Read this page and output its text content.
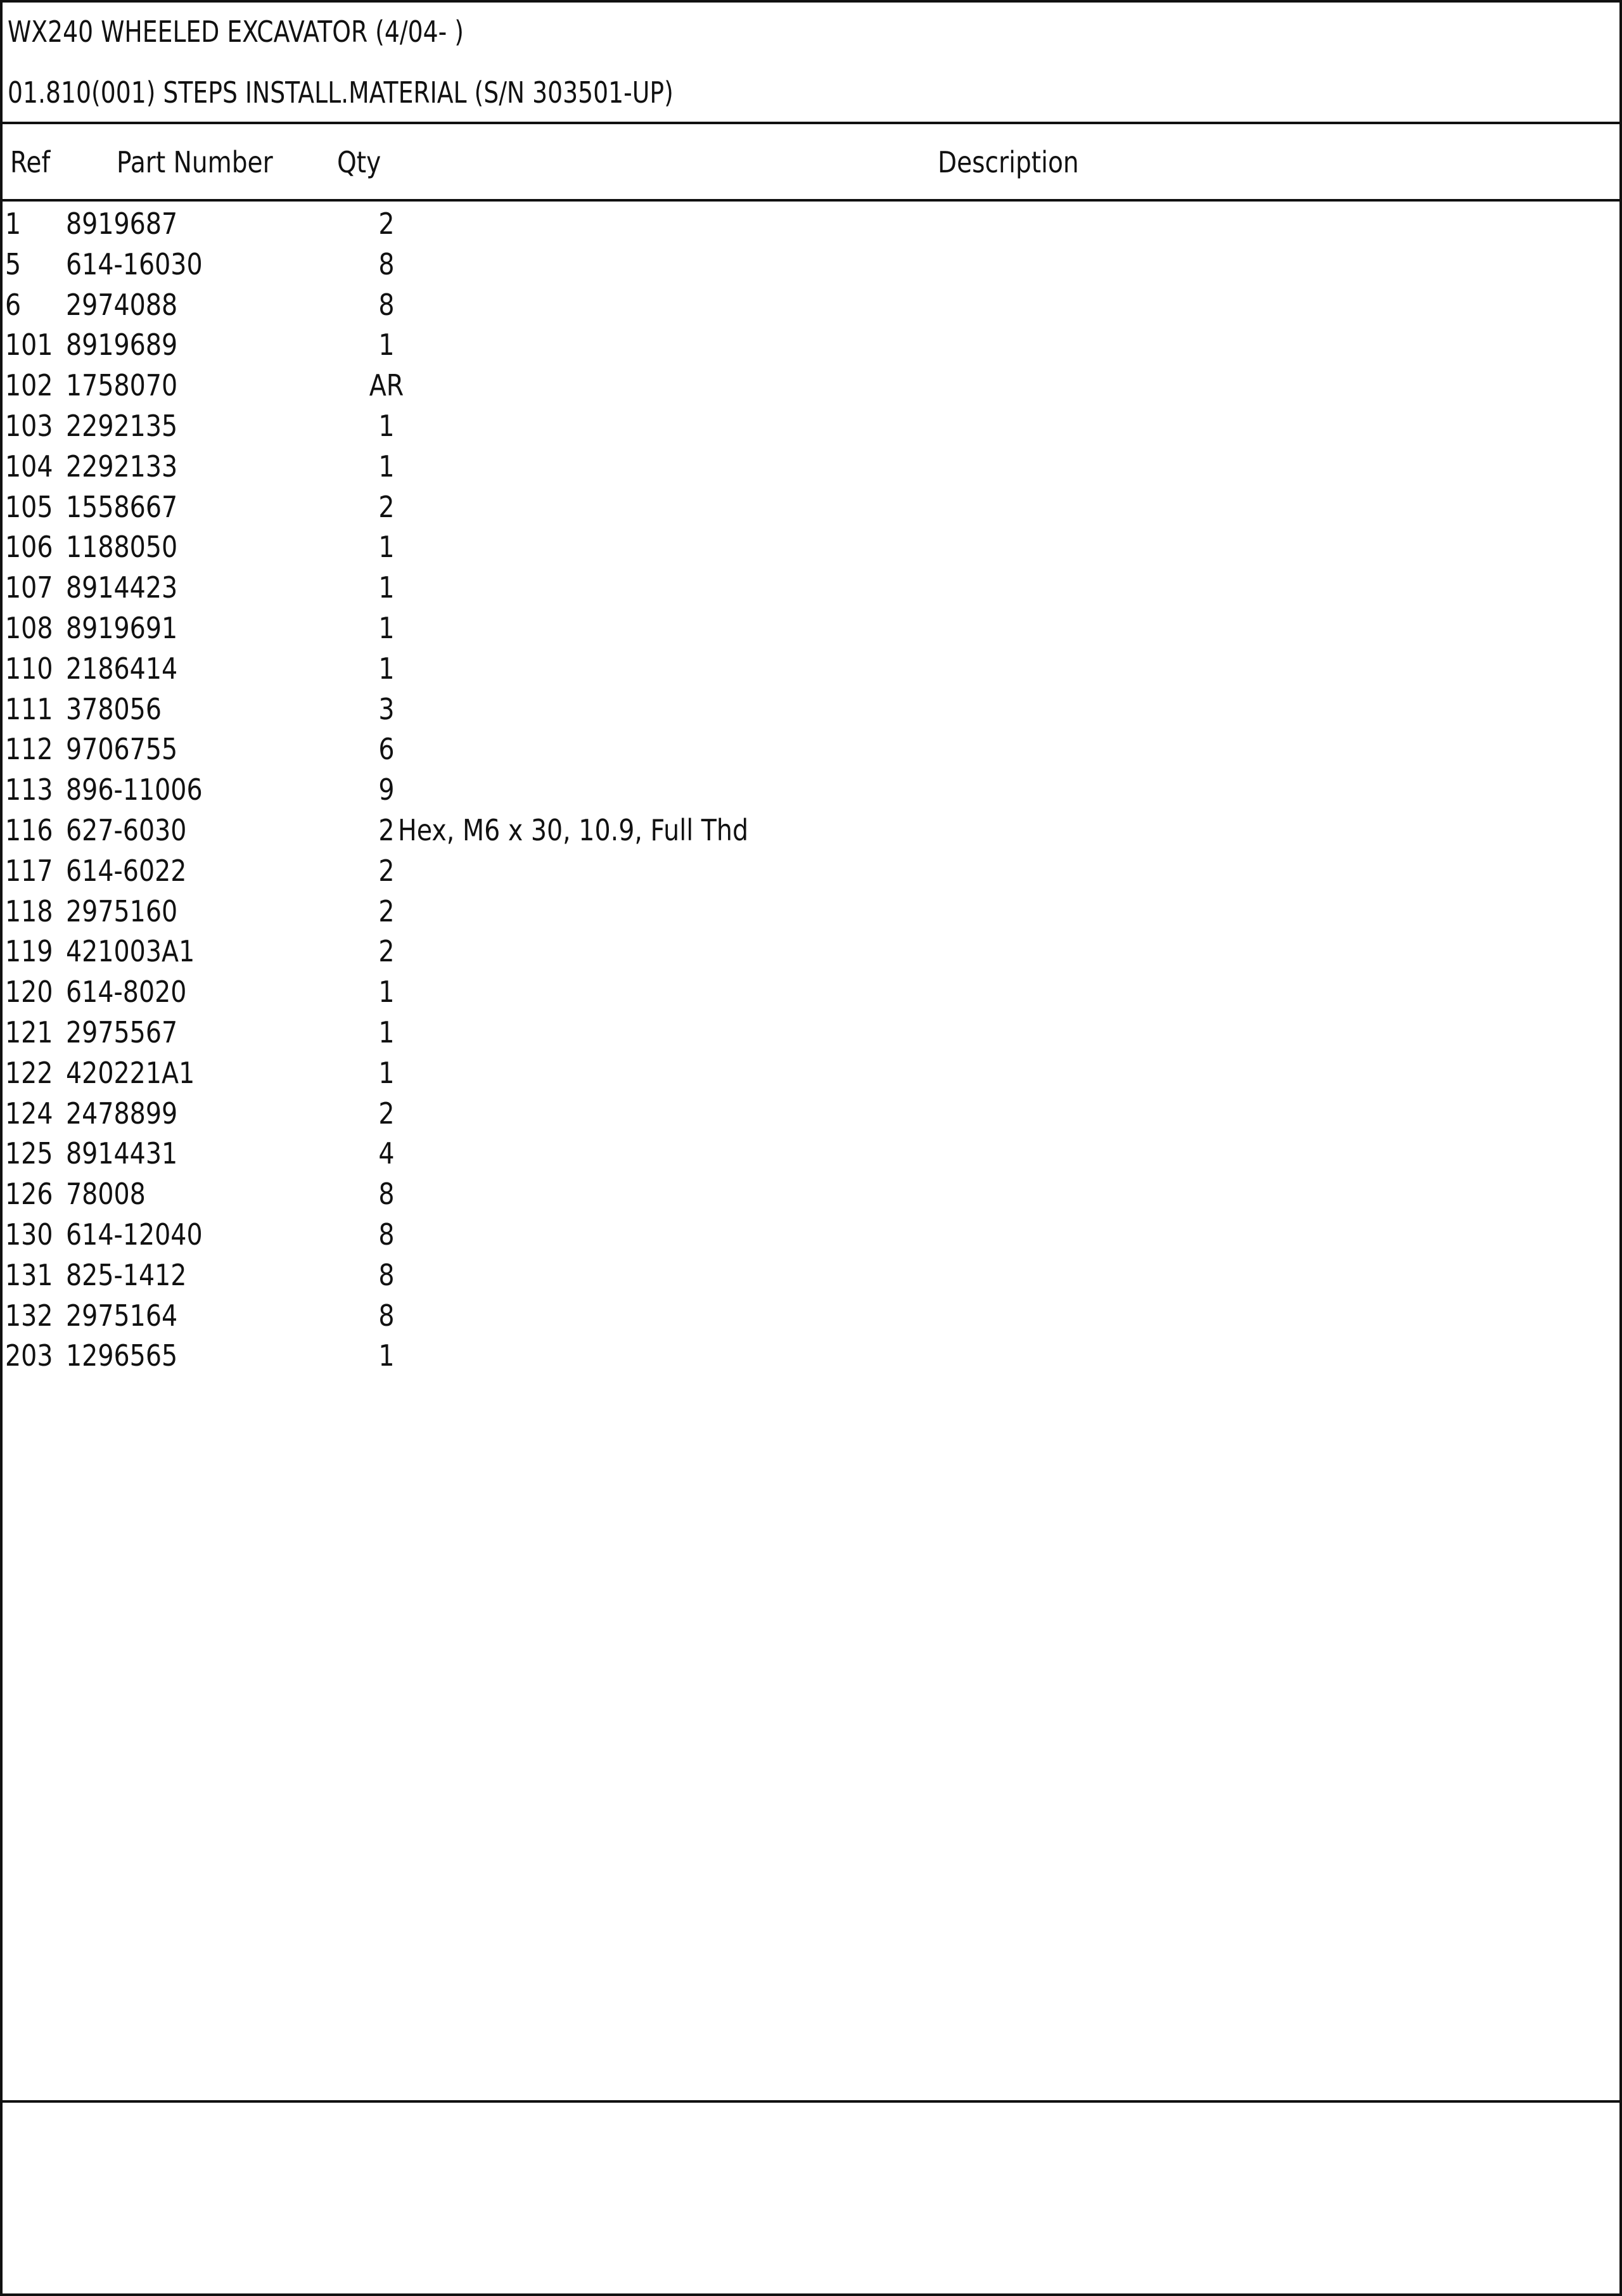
WX240 WHEELED EXCAVATOR (4/04- )
01.810(001) STEPS INSTALL.MATERIAL (S/N 303501-UP)
Ref Part Number Qty	Description
1 8919687	2
5 614-16030	8
6 2974088	8
101 8919689	1
102 1758070	AR
103 2292135	1
104 2292133	1
105 1558667	2
106 1188050	1
107 8914423	1
108 8919691	1
110 2186414	1
111 378056	3
112 9706755	6
113 896-11006	9
116 627-6030	2 Hex, M6 x 30, 10.9, Full Thd
117 614-6022	2
118 2975160	2
119 421003A1	2
120 614-8020	1
121 2975567	1
122 420221A1	1
124 2478899	2
125 8914431	4
126 78008	8
130 614-12040	8
131 825-1412	8
132 2975164	8
203 1296565	1
